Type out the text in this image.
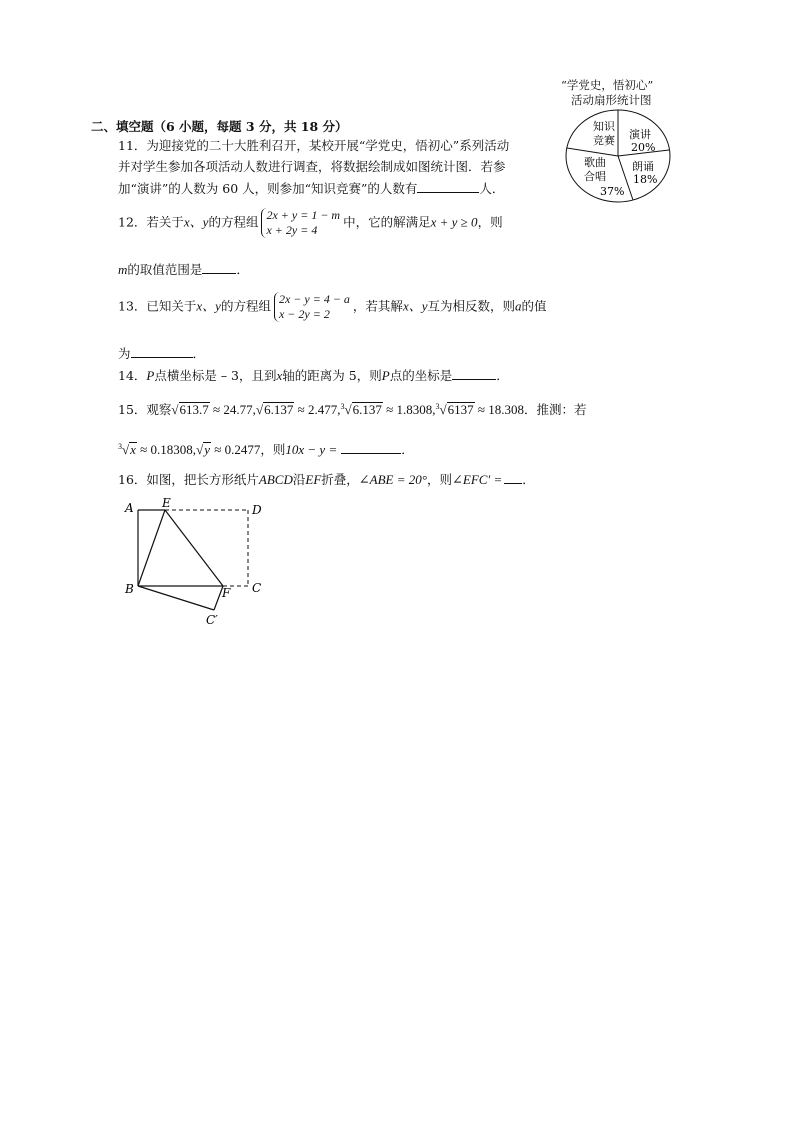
“学党史，悟初心”
活动扇形统计图
知识
竞赛 演讲
20%
朗诵
18%
歌曲
合唱
37%
二、填空题（6 小题，每题 3 分，共 18 分）
11．为迎接党的二十大胜利召开，某校开展“学党史，悟初心”系列活动
并对学生参加各项活动人数进行调查，将数据绘制成如图统计图．若参
加“演讲”的人数为 60 人，则参加“知识竞赛”的人数有	人．
12．若关于x、y的方程组 2x + y = 1 − m
x + 2y = 4
中，它的解满足x + y ≥ 0，则
m的取值范围是	．
13．已知关于x、y的方程组 2x − y = 4 − a
x − 2y = 2
，若其解x、y互为相反数，则a的值
为	．
14．P点横坐标是 – 3，且到x轴的距离为 5，则P点的坐标是	．
15．观察√613.7 ≈ 24.77,√6.137 ≈ 2.477,$^3$√6.137 ≈ 1.8308,$^3$√6137 ≈ 18.308．推测：若
$^3$√x ≈ 0.18308,√y ≈ 0.2477，则10x − y =	．
16．如图，把长方形纸片ABCD沿EF折叠，∠ABE = 20°，则∠EFC′ = ．
A E	D
B	F C
C′
